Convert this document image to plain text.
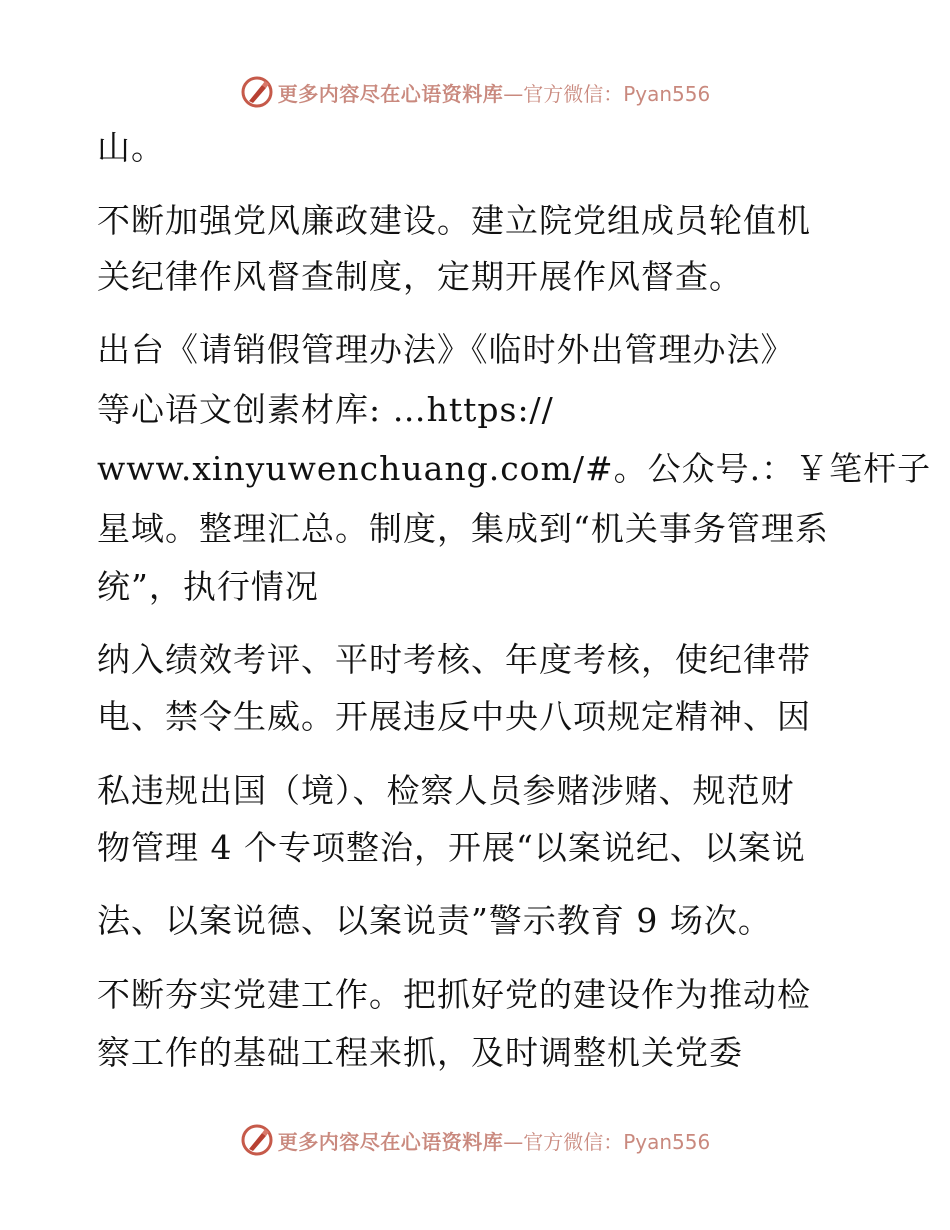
更多内容尽在心语资料库 —官方微信：Pyan556

山。

不断加强党风廉政建设。建立院党组成员轮值机

关纪律作风督查制度，定期开展作风督查。

出台《请销假管理办法》《临时外出管理办法》

等心语文创素材库: …https://

www.xinyuwenchuang.com/#。公众号.：￥笔杆子

星域。整理汇总。制度，集成到“机关事务管理系

统”，执行情况

纳入绩效考评、平时考核、年度考核，使纪律带

电、禁令生威。开展违反中央八项规定精神、因

私违规出国（境）、检察人员参赌涉赌、规范财

物管理 4 个专项整治，开展“以案说纪、以案说

法、以案说德、以案说责”警示教育 9 场次。

不断夯实党建工作。把抓好党的建设作为推动检

察工作的基础工程来抓，及时调整机关党委

更多内容尽在心语资料库 —官方微信：Pyan556
